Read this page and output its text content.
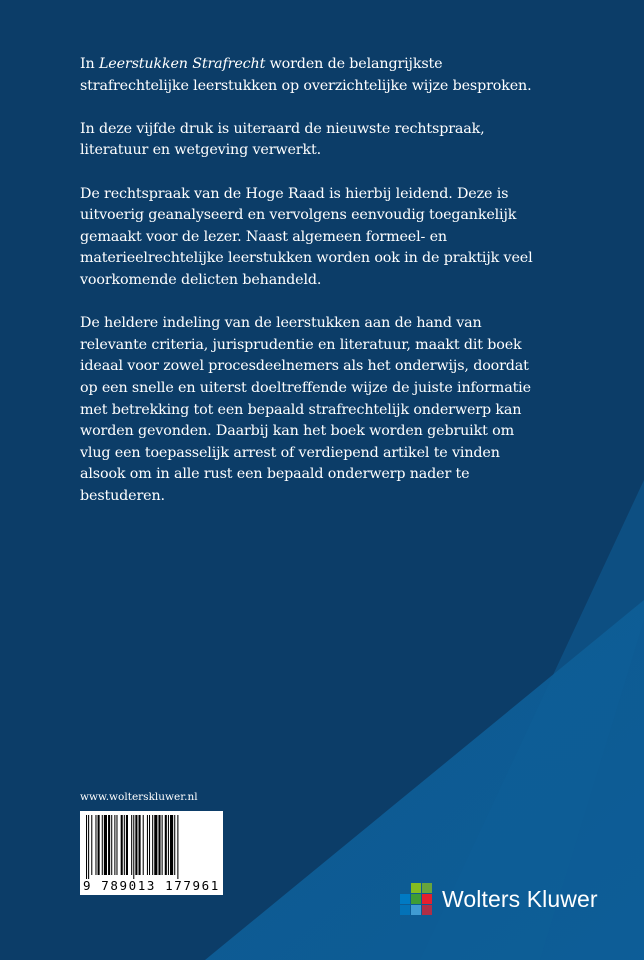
In Leerstukken Strafrecht worden de belangrijkste strafrechtelijke leerstukken op overzichtelijke wijze besproken.

In deze vijfde druk is uiteraard de nieuwste rechtspraak, literatuur en wetgeving verwerkt.

De rechtspraak van de Hoge Raad is hierbij leidend. Deze is uitvoerig geanalyseerd en vervolgens eenvoudig toegankelijk gemaakt voor de lezer. Naast algemeen formeel- en materieelrechtelijke leerstukken worden ook in de praktijk veel voorkomende delicten behandeld.

De heldere indeling van de leerstukken aan de hand van relevante criteria, jurisprudentie en literatuur, maakt dit boek ideaal voor zowel procesdeelnemers als het onderwijs, doordat op een snelle en uiterst doeltreffende wijze de juiste informatie met betrekking tot een bepaald strafrechtelijk onderwerp kan worden gevonden. Daarbij kan het boek worden gebruikt om vlug een toepasselijk arrest of verdiepend artikel te vinden alsook om in alle rust een bepaald onderwerp nader te bestuderen.

www.wolterskluwer.nl
9 789013 177961	Wolters Kluwer
